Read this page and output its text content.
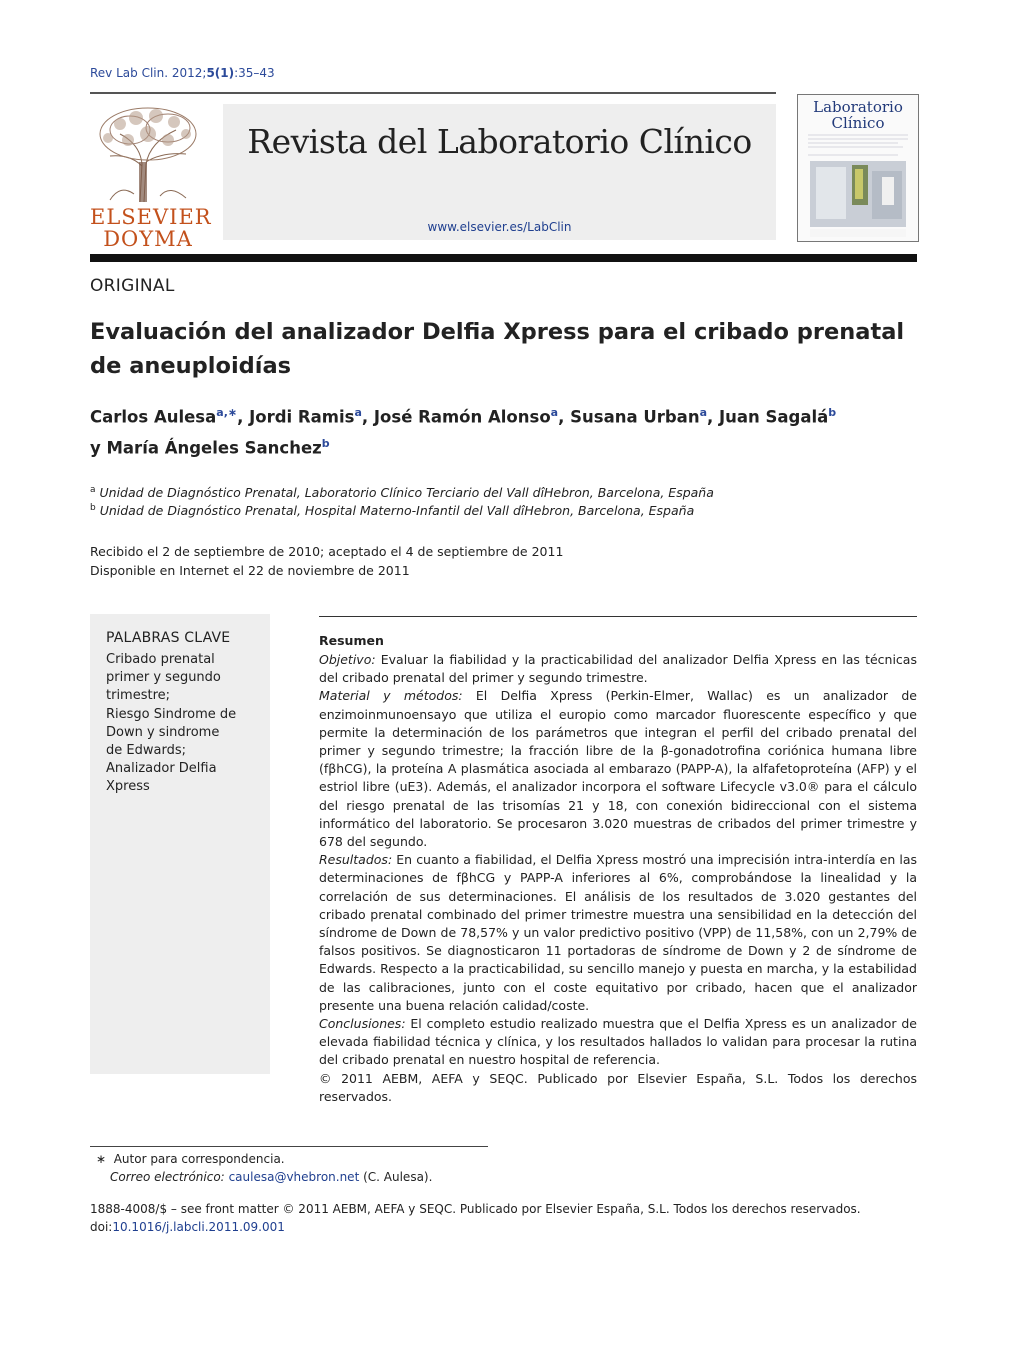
Rev Lab Clin. 2012;5(1):35–43
ELSEVIER
DOYMA
Revista del Laboratorio Clínico
www.elsevier.es/LabClin
Laboratorio
Clínico
ORIGINAL
Evaluación del analizador Delfia Xpress para el cribado prenatal de aneuploidías
Carlos Aulesa$^{a,∗}$, Jordi Ramis$^a$, José Ramón Alonso$^a$, Susana Urban$^a$, Juan Sagalá$^b$
y María Ángeles Sanchez$^b$
$^a$ Unidad de Diagnóstico Prenatal, Laboratorio Clínico Terciario del Vall dîHebron, Barcelona, España
$^b$ Unidad de Diagnóstico Prenatal, Hospital Materno-Infantil del Vall dîHebron, Barcelona, España
Recibido el 2 de septiembre de 2010; aceptado el 4 de septiembre de 2011
Disponible en Internet el 22 de noviembre de 2011
PALABRAS CLAVE
Cribado prenatal
primer y segundo
trimestre;
Riesgo Sindrome de
Down y sindrome
de Edwards;
Analizador Delfia
Xpress
Resumen

Objetivo: Evaluar la fiabilidad y la practicabilidad del analizador Delfia Xpress en las técnicas del cribado prenatal del primer y segundo trimestre.

Material y métodos: El Delfia Xpress (Perkin-Elmer, Wallac) es un analizador de enzimoinmunoensayo que utiliza el europio como marcador fluorescente específico y que permite la determinación de los parámetros que integran el perfil del cribado prenatal del primer y segundo trimestre; la fracción libre de la β-gonadotrofina coriónica humana libre (fβhCG), la proteína A plasmática asociada al embarazo (PAPP-A), la alfafetoproteína (AFP) y el estriol libre (uE3). Además, el analizador incorpora el software Lifecycle v3.0® para el cálculo del riesgo prenatal de las trisomías 21 y 18, con conexión bidireccional con el sistema informático del laboratorio. Se procesaron 3.020 muestras de cribados del primer trimestre y 678 del segundo.

Resultados: En cuanto a fiabilidad, el Delfia Xpress mostró una imprecisión intra-interdía en las determinaciones de fβhCG y PAPP-A inferiores al 6%, comprobándose la linealidad y la correlación de sus determinaciones. El análisis de los resultados de 3.020 gestantes del cribado prenatal combinado del primer trimestre muestra una sensibilidad en la detección del síndrome de Down de 78,57% y un valor predictivo positivo (VPP) de 11,58%, con un 2,79% de falsos positivos. Se diagnosticaron 11 portadoras de síndrome de Down y 2 de síndrome de Edwards. Respecto a la practicabilidad, su sencillo manejo y puesta en marcha, y la estabilidad de las calibraciones, junto con el coste equitativo por cribado, hacen que el analizador presente una buena relación calidad/coste.

Conclusiones: El completo estudio realizado muestra que el Delfia Xpress es un analizador de elevada fiabilidad técnica y clínica, y los resultados hallados lo validan para procesar la rutina del cribado prenatal en nuestro hospital de referencia.

© 2011 AEBM, AEFA y SEQC. Publicado por Elsevier España, S.L. Todos los derechos reservados.

∗ Autor para correspondencia.
Correo electrónico: caulesa@vhebron.net (C. Aulesa).
1888-4008/$ – see front matter © 2011 AEBM, AEFA y SEQC. Publicado por Elsevier España, S.L. Todos los derechos reservados.
doi:10.1016/j.labcli.2011.09.001
